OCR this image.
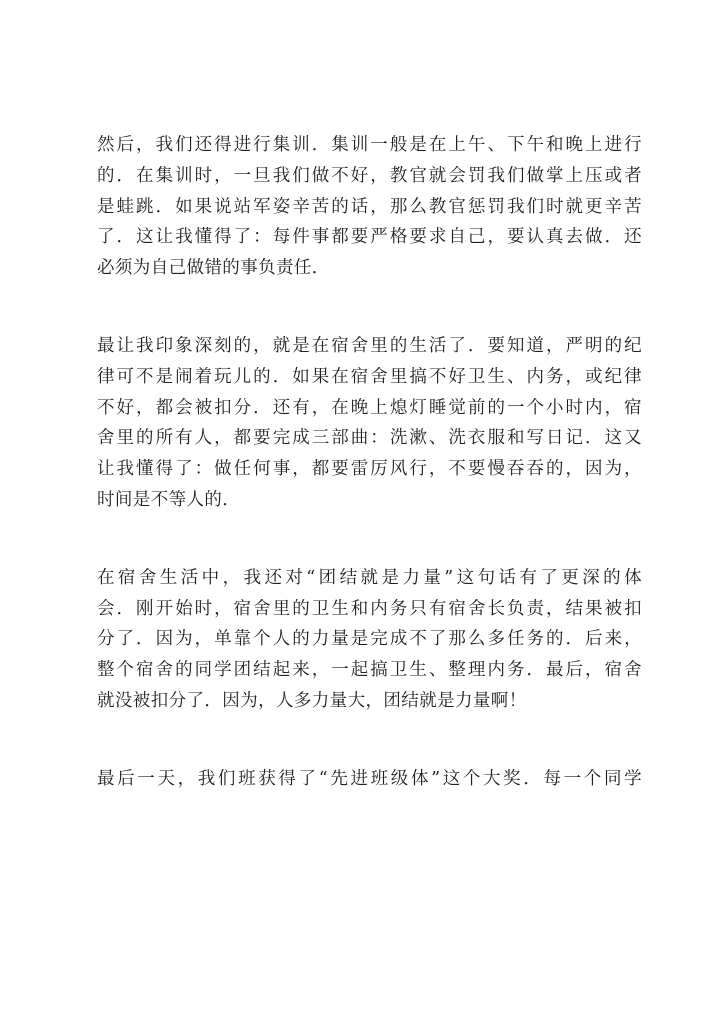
然后，我们还得进行集训．集训一般是在上午、下午和晚上进行
的．在集训时，一旦我们做不好，教官就会罚我们做掌上压或者
是蛙跳．如果说站军姿辛苦的话，那么教官惩罚我们时就更辛苦
了．这让我懂得了：每件事都要严格要求自己，要认真去做．还
必须为自己做错的事负责任．
最让我印象深刻的，就是在宿舍里的生活了．要知道，严明的纪
律可不是闹着玩儿的．如果在宿舍里搞不好卫生、内务，或纪律
不好，都会被扣分．还有，在晚上熄灯睡觉前的一个小时内，宿
舍里的所有人，都要完成三部曲：洗漱、洗衣服和写日记．这又
让我懂得了：做任何事，都要雷厉风行，不要慢吞吞的，因为，
时间是不等人的．
在宿舍生活中，我还对“团结就是力量”这句话有了更深的体
会．刚开始时，宿舍里的卫生和内务只有宿舍长负责，结果被扣
分了．因为，单靠个人的力量是完成不了那么多任务的．后来，
整个宿舍的同学团结起来，一起搞卫生、整理内务．最后，宿舍
就没被扣分了．因为，人多力量大，团结就是力量啊！
最后一天，我们班获得了“先进班级体”这个大奖．每一个同学
